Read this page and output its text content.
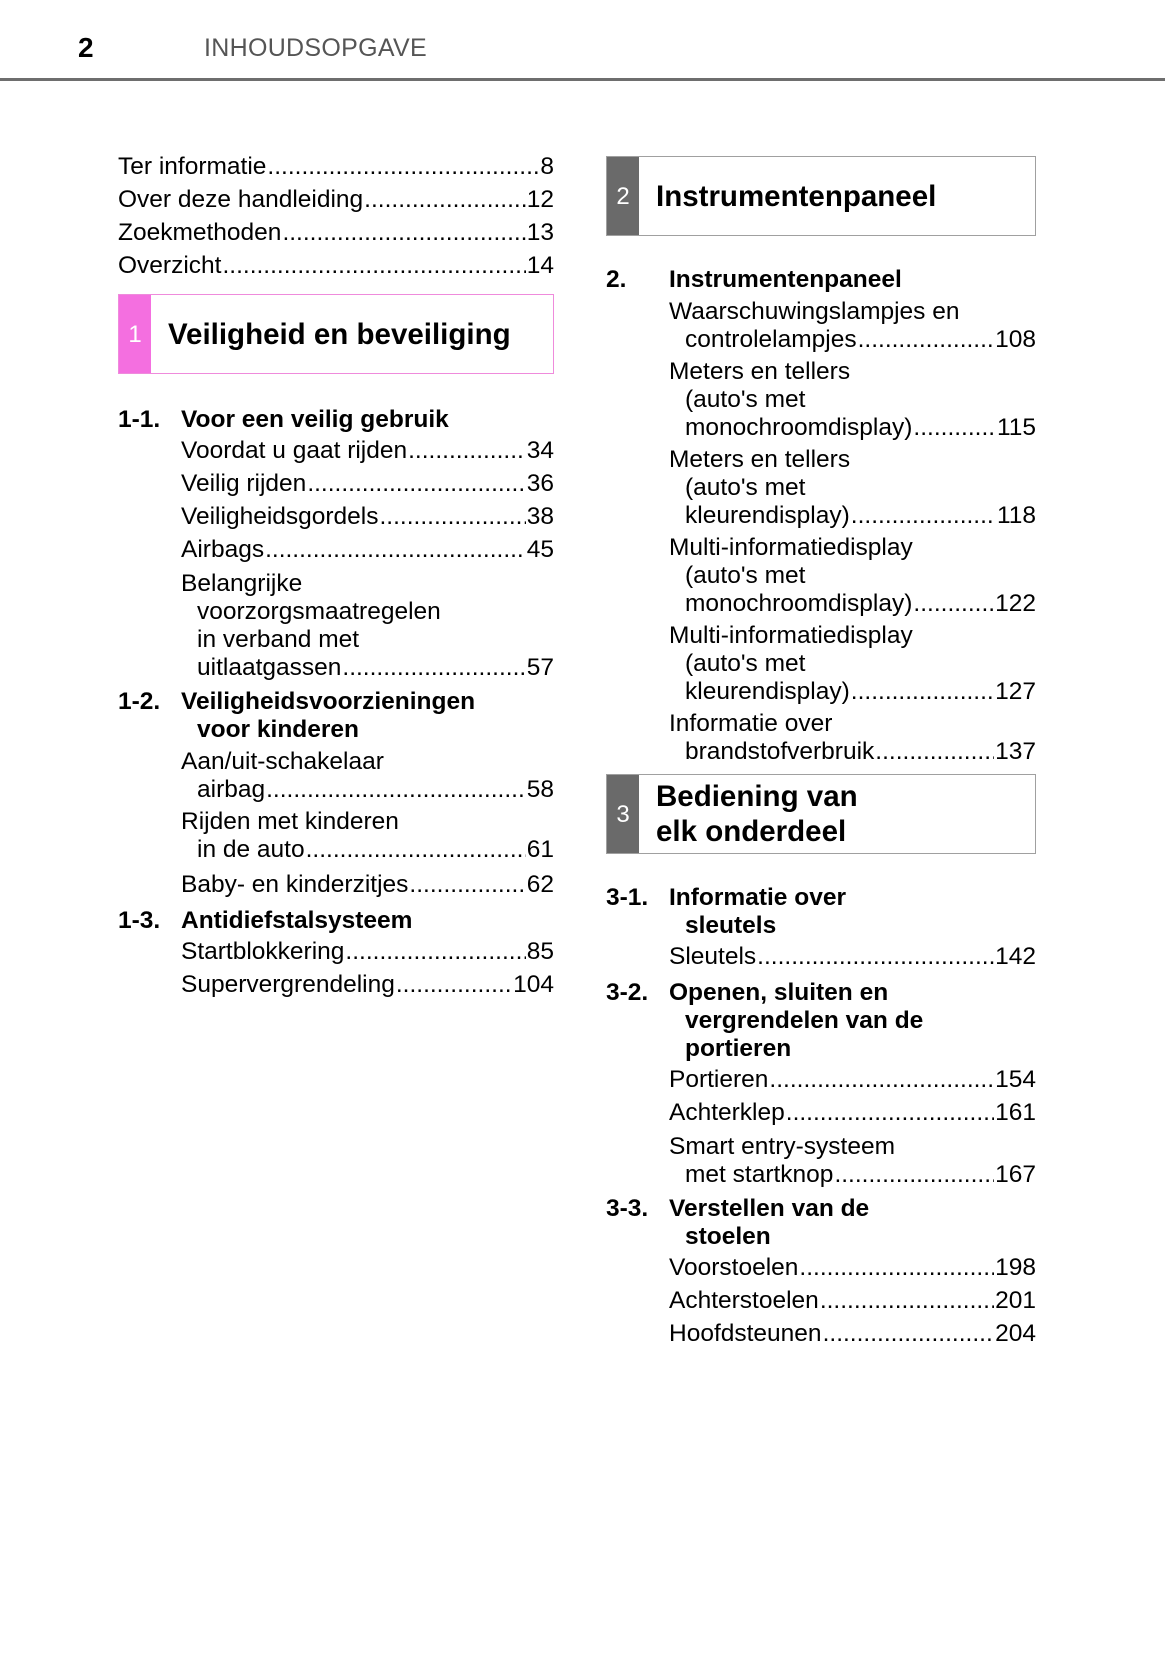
2	INHOUDSOPGAVE
Ter informatie .....	8
Over deze handleiding .....	12
Zoekmethoden .....	13
Overzicht .....	14
1 Veiligheid en beveiliging
1-1. Voor een veilig gebruik
Voordat u gaat rijden .....	34
Veilig rijden .....	36
Veiligheidsgordels .....	38
Airbags .....	45
Belangrijke
voorzorgsmaatregelen
in verband met
uitlaatgassen .....	57
1-2. Veiligheidsvoorzieningen
voor kinderen
Aan/uit-schakelaar
airbag .....	58
Rijden met kinderen
in de auto .....	61
Baby- en kinderzitjes .....	62
1-3. Antidiefstalsysteem
Startblokkering .....	85
Supervergrendeling .....	104
2 Instrumentenpaneel
2.	Instrumentenpaneel
Waarschuwingslampjes en
controlelampjes .....	108
Meters en tellers
(auto's met
monochroomdisplay) .....	115
Meters en tellers
(auto's met
kleurendisplay) .....	118
Multi-informatiedisplay
(auto's met
monochroomdisplay) .....	122
Multi-informatiedisplay
(auto's met
kleurendisplay) .....	127
Informatie over
brandstofverbruik .....	137
3
Bediening van
elk onderdeel
3-1. Informatie over
sleutels
Sleutels .....	142
3-2. Openen, sluiten en
vergrendelen van de
portieren
Portieren .....	154
Achterklep .....	161
Smart entry-systeem
met startknop .....	167
3-3. Verstellen van de
stoelen
Voorstoelen .....	198
Achterstoelen .....	201
Hoofdsteunen .....	204
